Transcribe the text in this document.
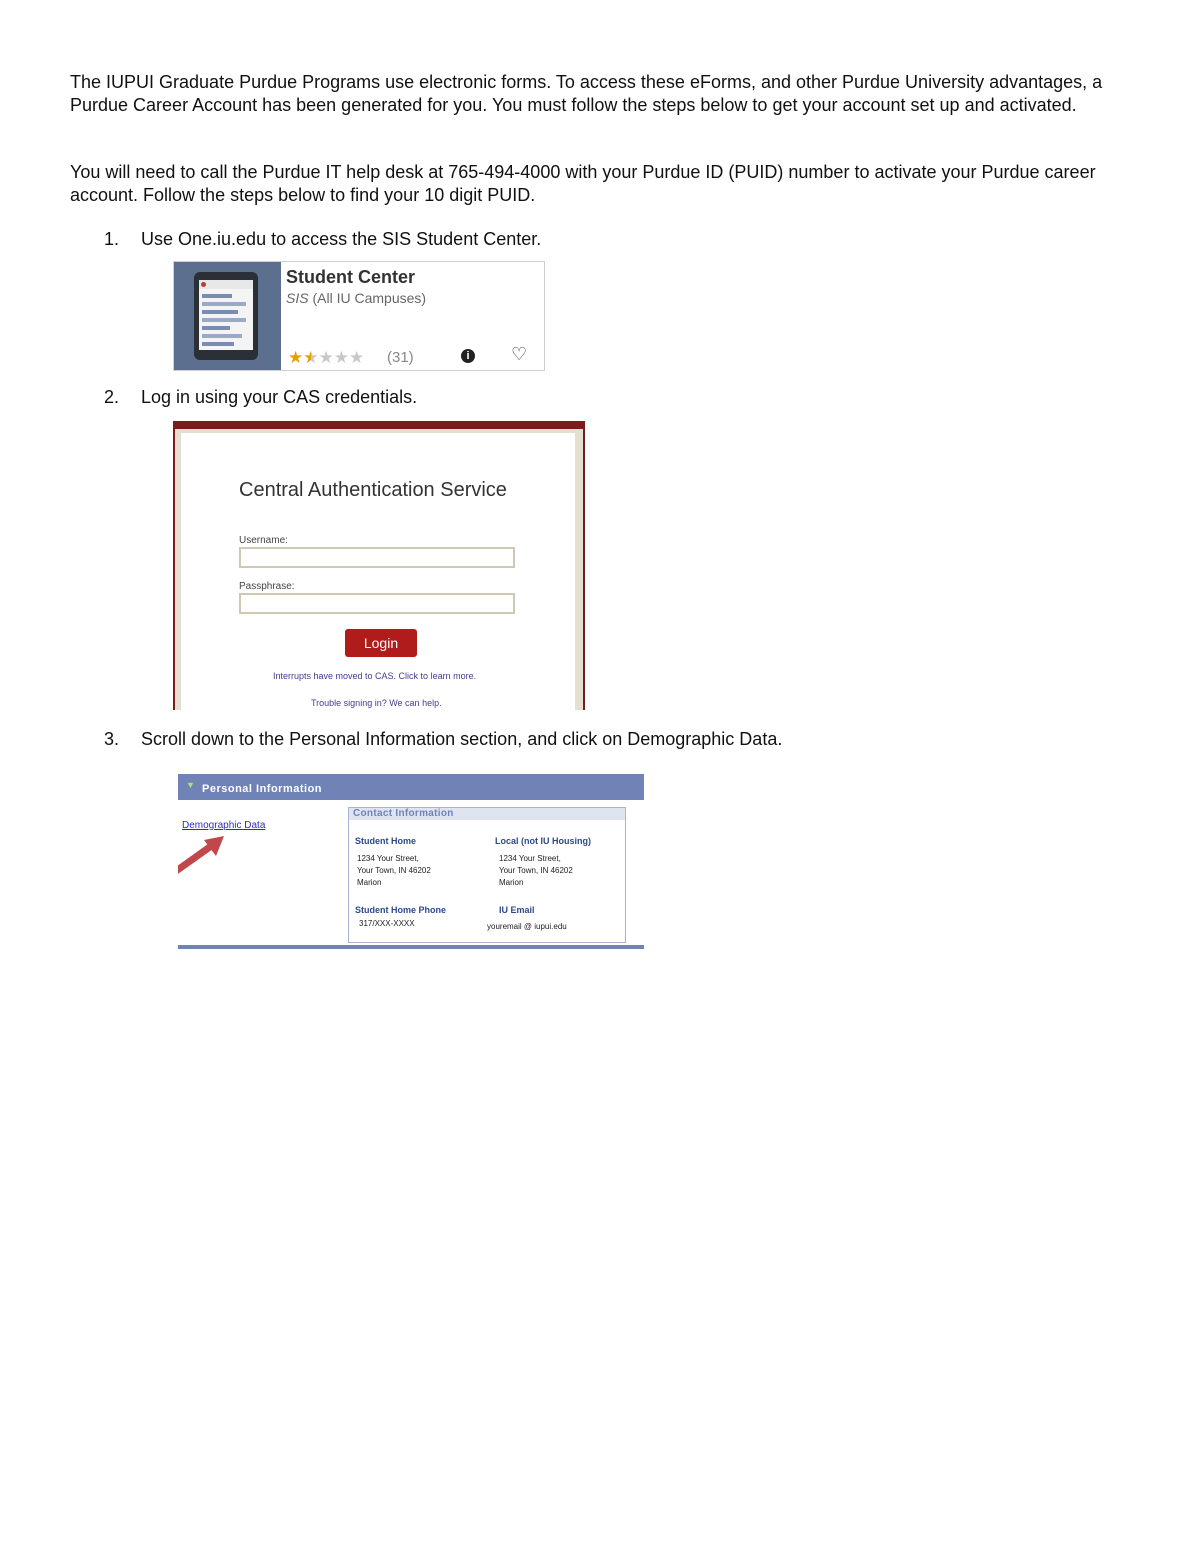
The IUPUI Graduate Purdue Programs use electronic forms. To access these eForms, and other Purdue University advantages, a Purdue Career Account has been generated for you. You must follow the steps below to get your account set up and activated.

You will need to call the Purdue IT help desk at 765-494-4000 with your Purdue ID (PUID) number to activate your Purdue career account. Follow the steps below to find your 10 digit PUID.

1. Use One.iu.edu to access the SIS Student Center.
Student Center
SIS (All IU Campuses)
★★★★★ (31)	i	♡
2. Log in using your CAS credentials.
Central Authentication Service
Username:
Passphrase:
Login
Interrupts have moved to CAS. Click to learn more.
Trouble signing in? We can help.
3. Scroll down to the Personal Information section, and click on Demographic Data.
▼ Personal Information
Demographic Data
Contact Information
Student Home
1234 Your Street,
Your Town, IN 46202
Marion
Local (not IU Housing)
1234 Your Street,
Your Town, IN 46202
Marion
Student Home Phone
317/XXX-XXXX
IU Email
youremail @ iupui.edu
